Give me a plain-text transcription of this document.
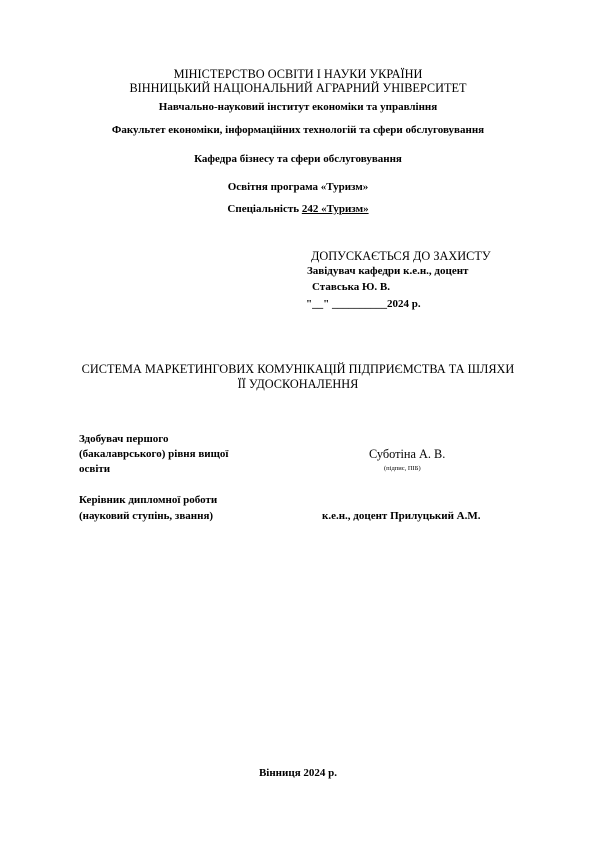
МІНІСТЕРСТВО ОСВІТИ І НАУКИ УКРАЇНИ
ВІННИЦЬКИЙ НАЦІОНАЛЬНИЙ АГРАРНИЙ УНІВЕРСИТЕТ
Навчально-науковий інститут економіки та управління
Факультет економіки, інформаційних технологій та сфери обслуговування
Кафедра бізнесу та сфери обслуговування
Освітня програма «Туризм»
Спеціальність 242 «Туризм»
ДОПУСКАЄТЬСЯ ДО ЗАХИСТУ
Завідувач кафедри к.е.н., доцент
Ставська Ю. В.
"__" __________2024 р.
СИСТЕМА МАРКЕТИНГОВИХ КОМУНІКАЦІЙ ПІДПРИЄМСТВА ТА ШЛЯХИ
ЇЇ УДОСКОНАЛЕННЯ
Здобувач першого
(бакалаврського) рівня вищої
освіти
Суботіна А. В.
(підпис, ПІБ)
Керівник дипломної роботи
(науковий ступінь, звання)	к.е.н., доцент Прилуцький А.М.
Вінниця 2024 р.
